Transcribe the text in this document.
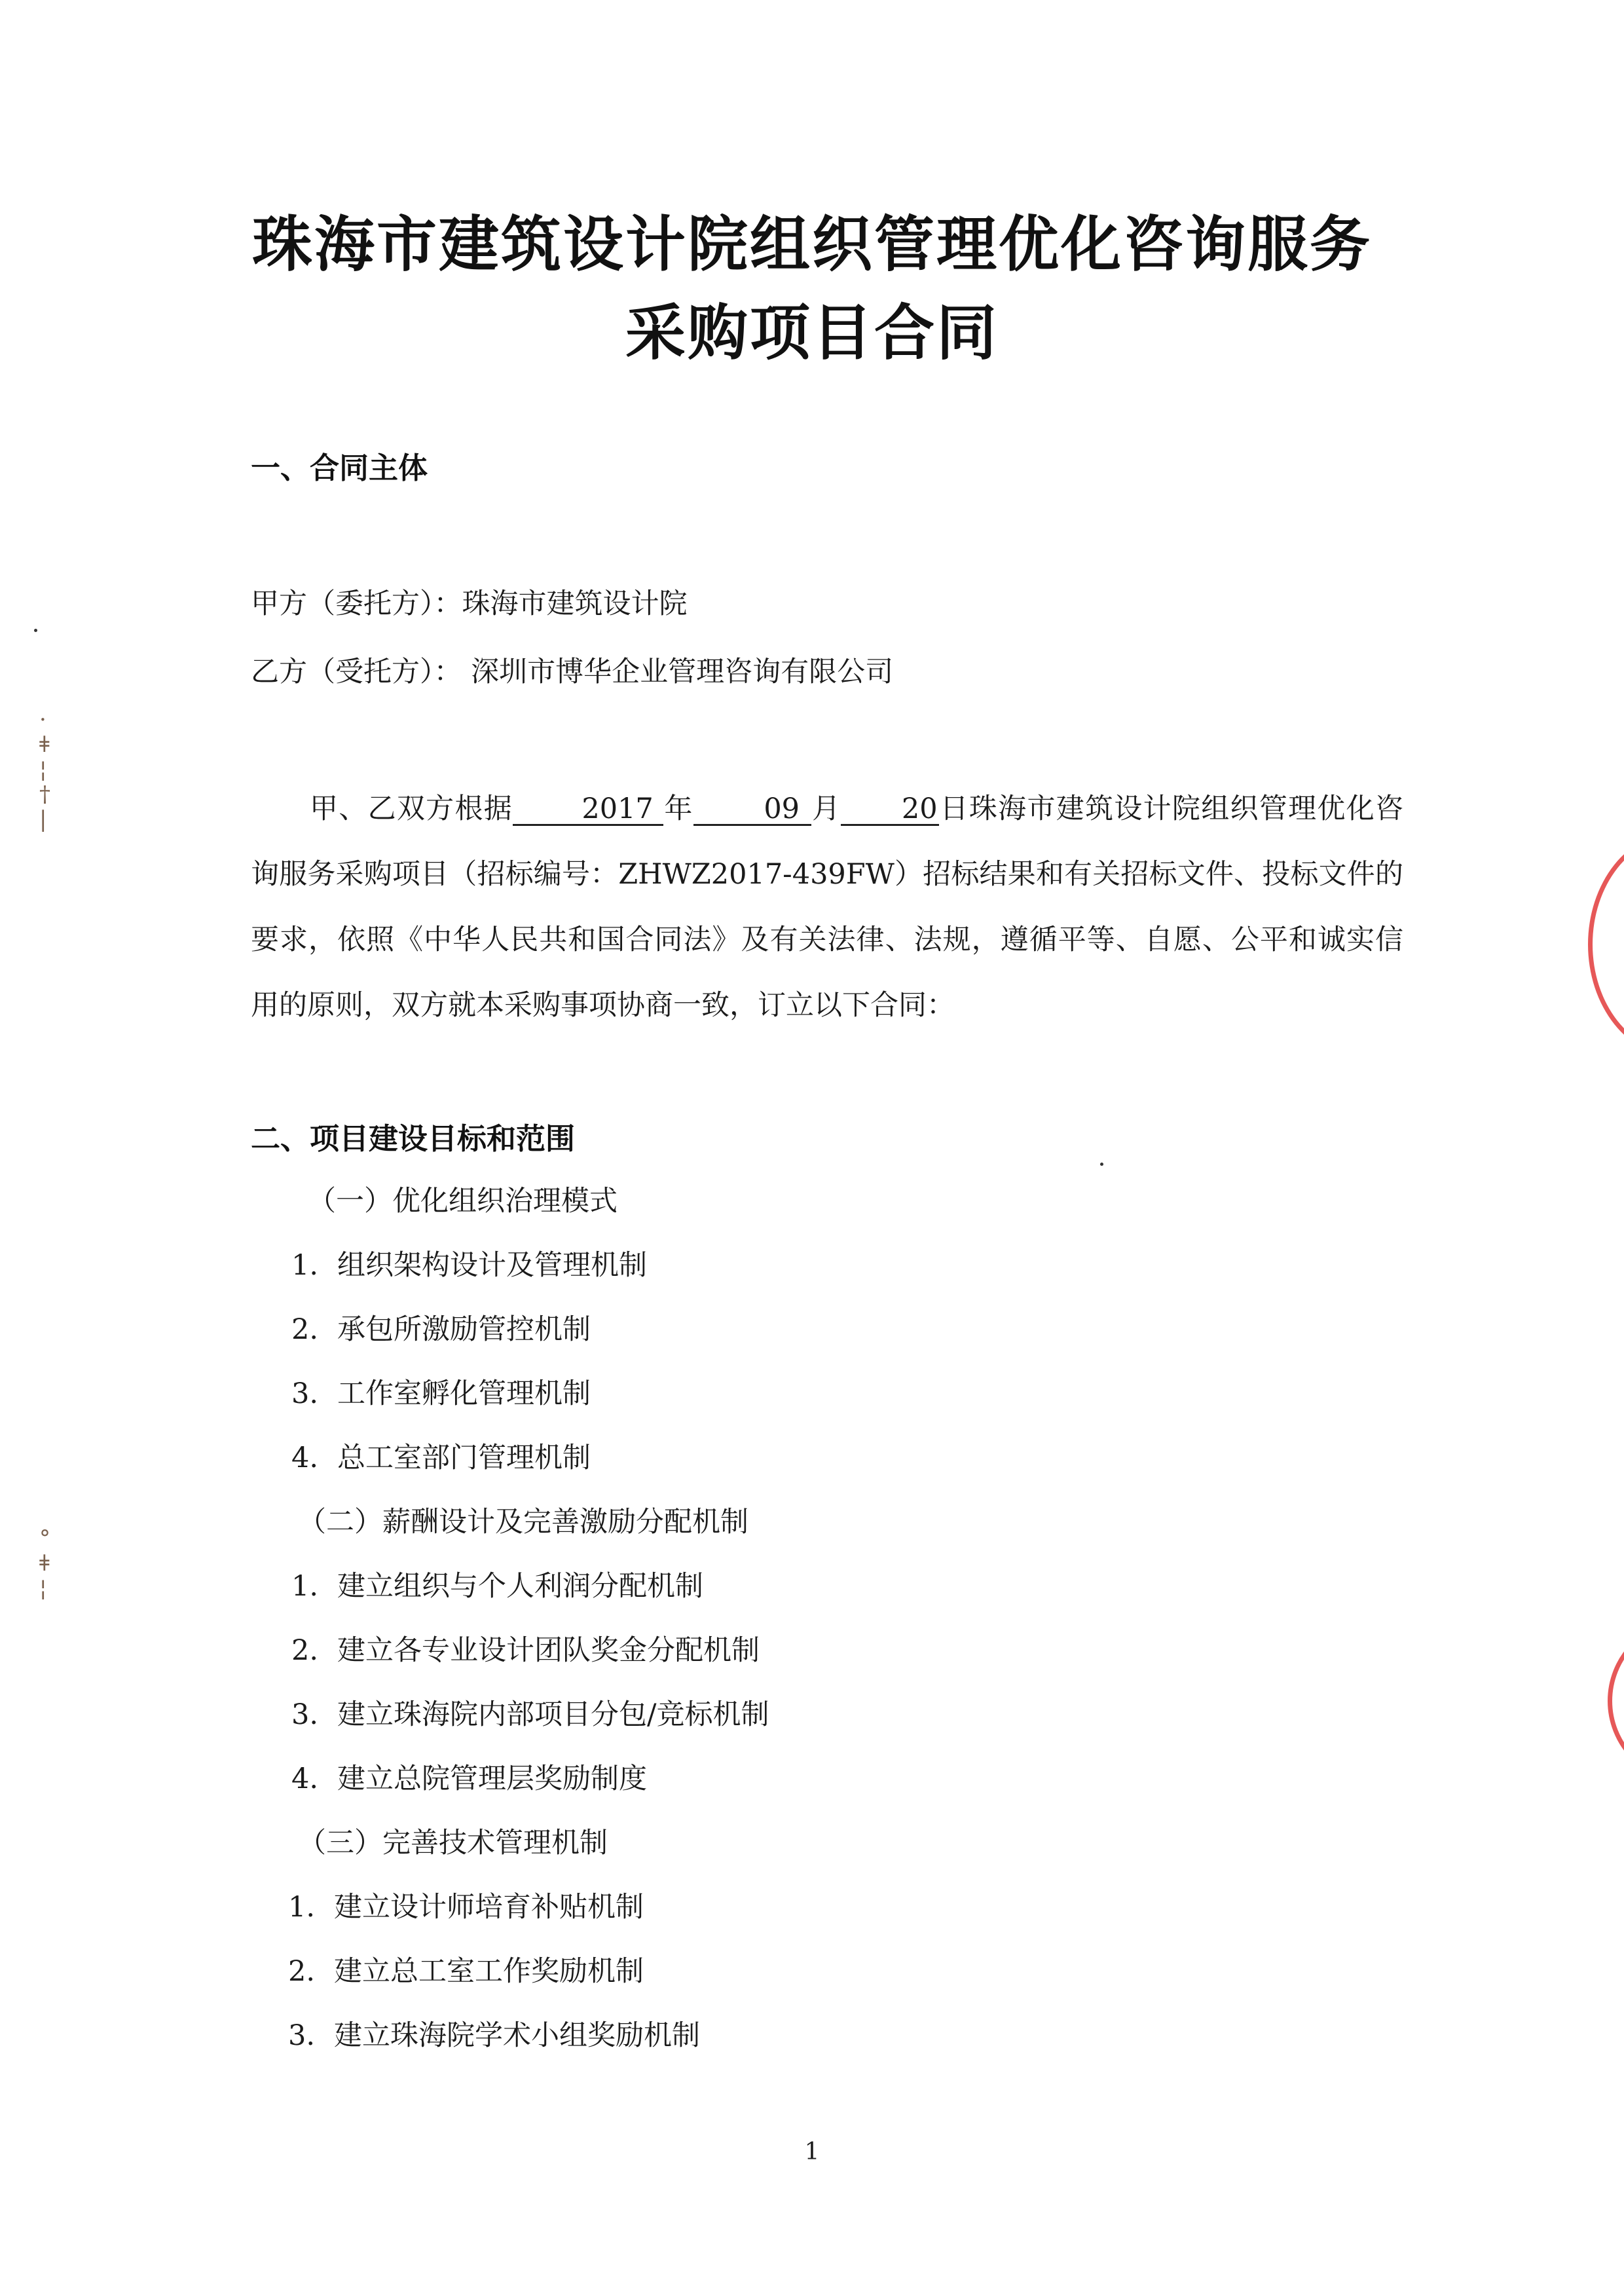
·
ǂ
¦
†
|
°
ǂ
¦
珠海市建筑设计院组织管理优化咨询服务
采购项目合同
一、合同主体
甲方（委托方）：珠海市建筑设计院
乙方（受托方）： 深圳市博华企业管理咨询有限公司
甲、乙双方根据 2017 年	09 月 20日珠海市建筑设计院组织管理优化咨询服务采购项目（招标编号：ZHWZ2017-439FW）招标结果和有关招标文件、投标文件的要求，依照《中华人民共和国合同法》及有关法律、法规，遵循平等、自愿、公平和诚实信用的原则，双方就本采购事项协商一致，订立以下合同：
二、项目建设目标和范围
（一）优化组织治理模式
1. 组织架构设计及管理机制
2. 承包所激励管控机制
3. 工作室孵化管理机制
4. 总工室部门管理机制
（二）薪酬设计及完善激励分配机制
1. 建立组织与个人利润分配机制
2. 建立各专业设计团队奖金分配机制
3. 建立珠海院内部项目分包/竞标机制
4. 建立总院管理层奖励制度
（三）完善技术管理机制
1. 建立设计师培育补贴机制
2. 建立总工室工作奖励机制
3. 建立珠海院学术小组奖励机制
1
